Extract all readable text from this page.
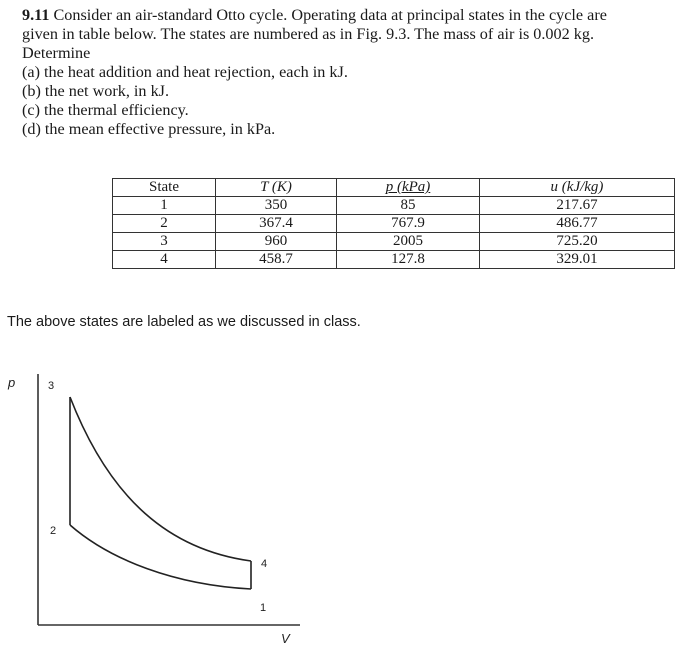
9.11 Consider an air-standard Otto cycle. Operating data at principal states in the cycle are
given in table below. The states are numbered as in Fig. 9.3. The mass of air is 0.002 kg.
Determine
(a) the heat addition and heat rejection, each in kJ.
(b) the net work, in kJ.
(c) the thermal efficiency.
(d) the mean effective pressure, in kPa.
State	T (K)	p (kPa)	u (kJ/kg)
1	350	85	217.67
2	367.4	767.9	486.77
3	960	2005	725.20
4	458.7	127.8	329.01
The above states are labeled as we discussed in class.
p
V
3
2
4
1
